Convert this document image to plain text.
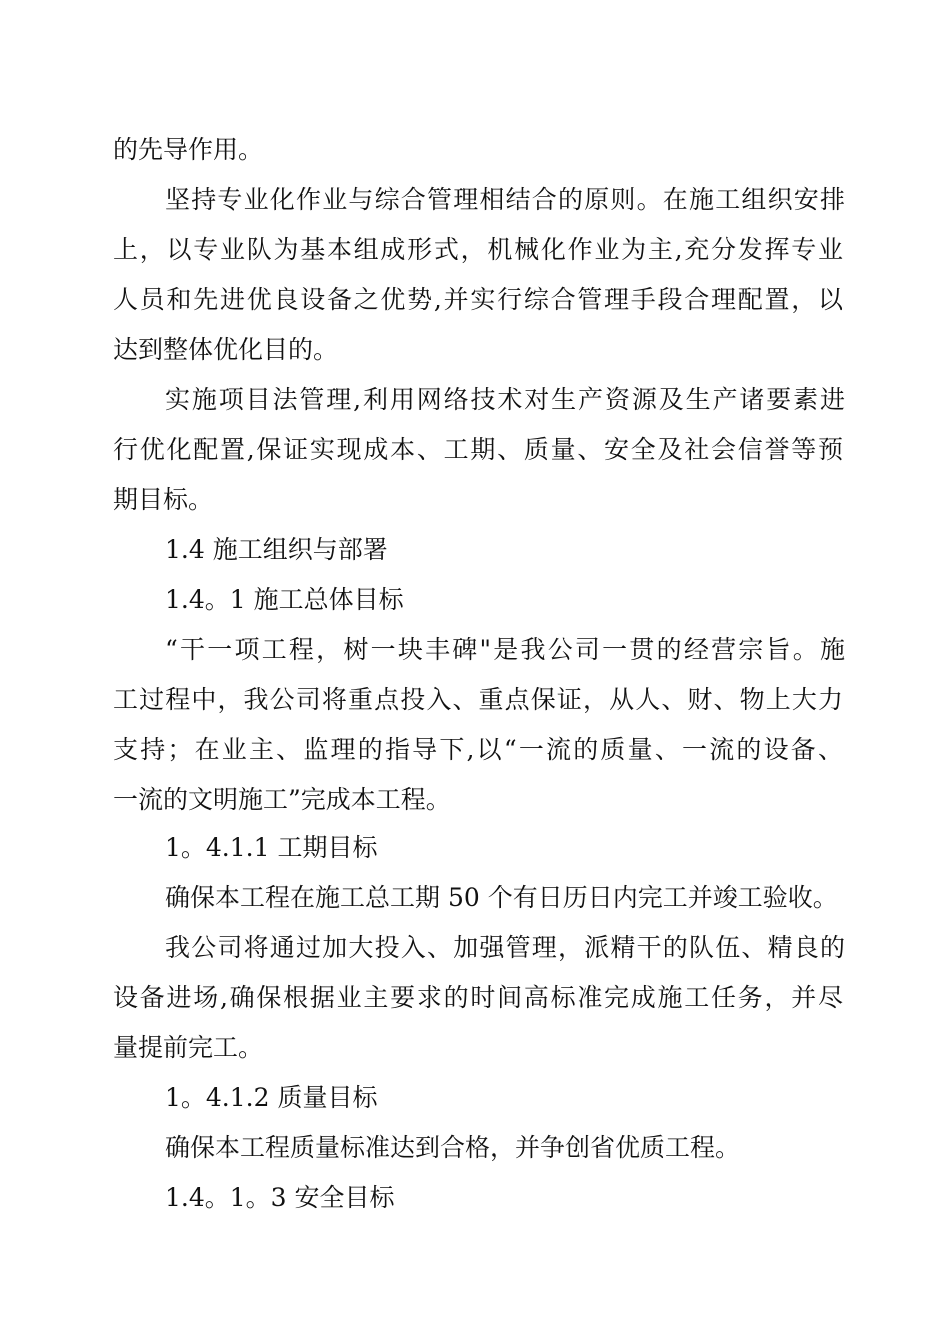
的先导作用。
坚持专业化作业与综合管理相结合的原则。在施工组织安排
上，以专业队为基本组成形式，机械化作业为主,充分发挥专业
人员和先进优良设备之优势,并实行综合管理手段合理配置，以
达到整体优化目的。
实施项目法管理,利用网络技术对生产资源及生产诸要素进
行优化配置,保证实现成本、工期、质量、安全及社会信誉等预
期目标。
1.4 施工组织与部署
1.4。1 施工总体目标
“干一项工程，树一块丰碑"是我公司一贯的经营宗旨。施
工过程中，我公司将重点投入、重点保证，从人、财、物上大力
支持；在业主、监理的指导下,以“一流的质量、一流的设备、
一流的文明施工”完成本工程。
1。4.1.1 工期目标
确保本工程在施工总工期 50 个有日历日内完工并竣工验收。
我公司将通过加大投入、加强管理，派精干的队伍、精良的
设备进场,确保根据业主要求的时间高标准完成施工任务，并尽
量提前完工。
1。4.1.2 质量目标
确保本工程质量标准达到合格，并争创省优质工程。
1.4。1。3 安全目标
